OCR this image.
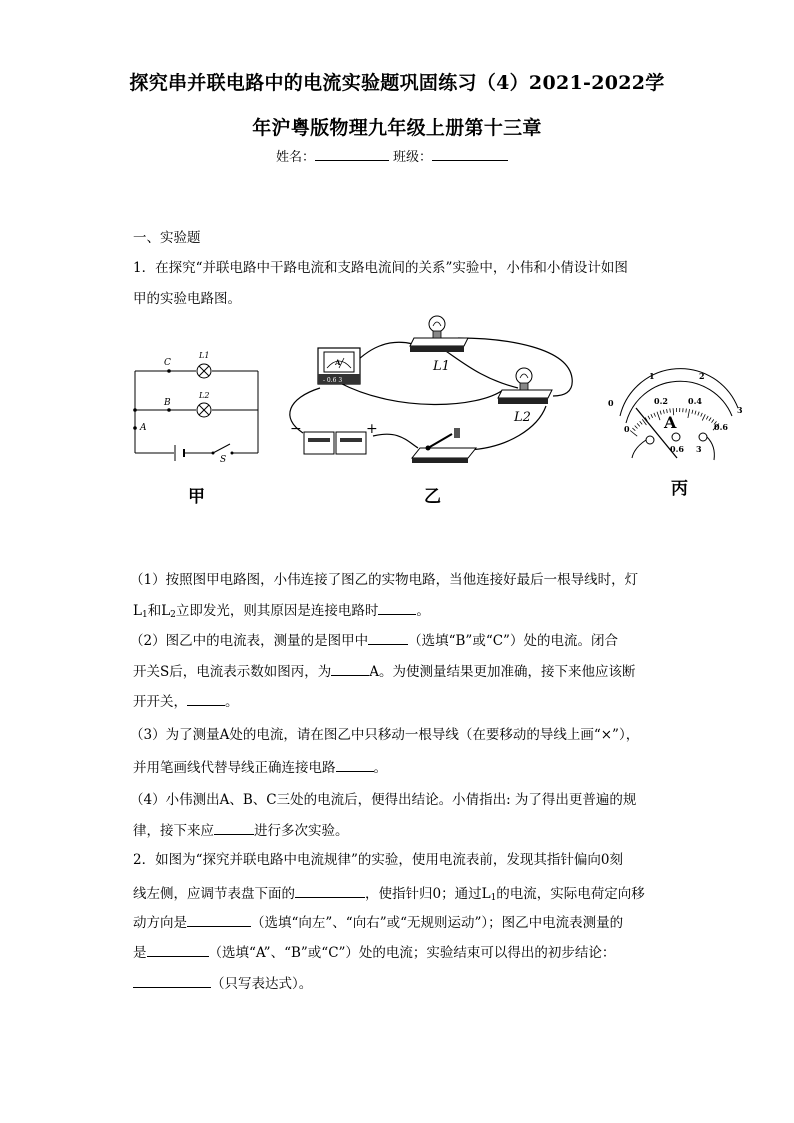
探究串并联电路中的电流实验题巩固练习（4）2021-2022学
年沪粤版物理九年级上册第十三章
姓名：	班级：
一、实验题
1．在探究“并联电路中干路电流和支路电流间的关系”实验中，小伟和小倩设计如图
甲的实验电路图。
C
B
A
S
L1
L2
甲
A
- 0.6 3
L1
L2
−	+
乙
0
1	2
3
0
0.2	0.4
0.6
A
0.6 3
丙
（1）按照图甲电路图，小伟连接了图乙的实物电路，当他连接好最后一根导线时，灯
$L_1$和$L_2$立即发光，则其原因是连接电路时	。
（2）图乙中的电流表，测量的是图甲中	（选填“B”或“C”）处的电流。闭合
开关S后，电流表示数如图丙，为	A。为使测量结果更加准确，接下来他应该断
开开关，	。
（3）为了测量A处的电流，请在图乙中只移动一根导线（在要移动的导线上画“×”），
并用笔画线代替导线正确连接电路	。
（4）小伟测出A、B、C三处的电流后，便得出结论。小倩指出: 为了得出更普遍的规
律，接下来应	进行多次实验。
2．如图为“探究并联电路中电流规律”的实验，使用电流表前，发现其指针偏向0刻
线左侧，应调节表盘下面的	，使指针归0；通过$L_1$的电流，实际电荷定向移
动方向是	（选填“向左”、“向右”或“无规则运动”）；图乙中电流表测量的
是	（选填“A”、“B”或“C”）处的电流；实验结束可以得出的初步结论：
（只写表达式）。
